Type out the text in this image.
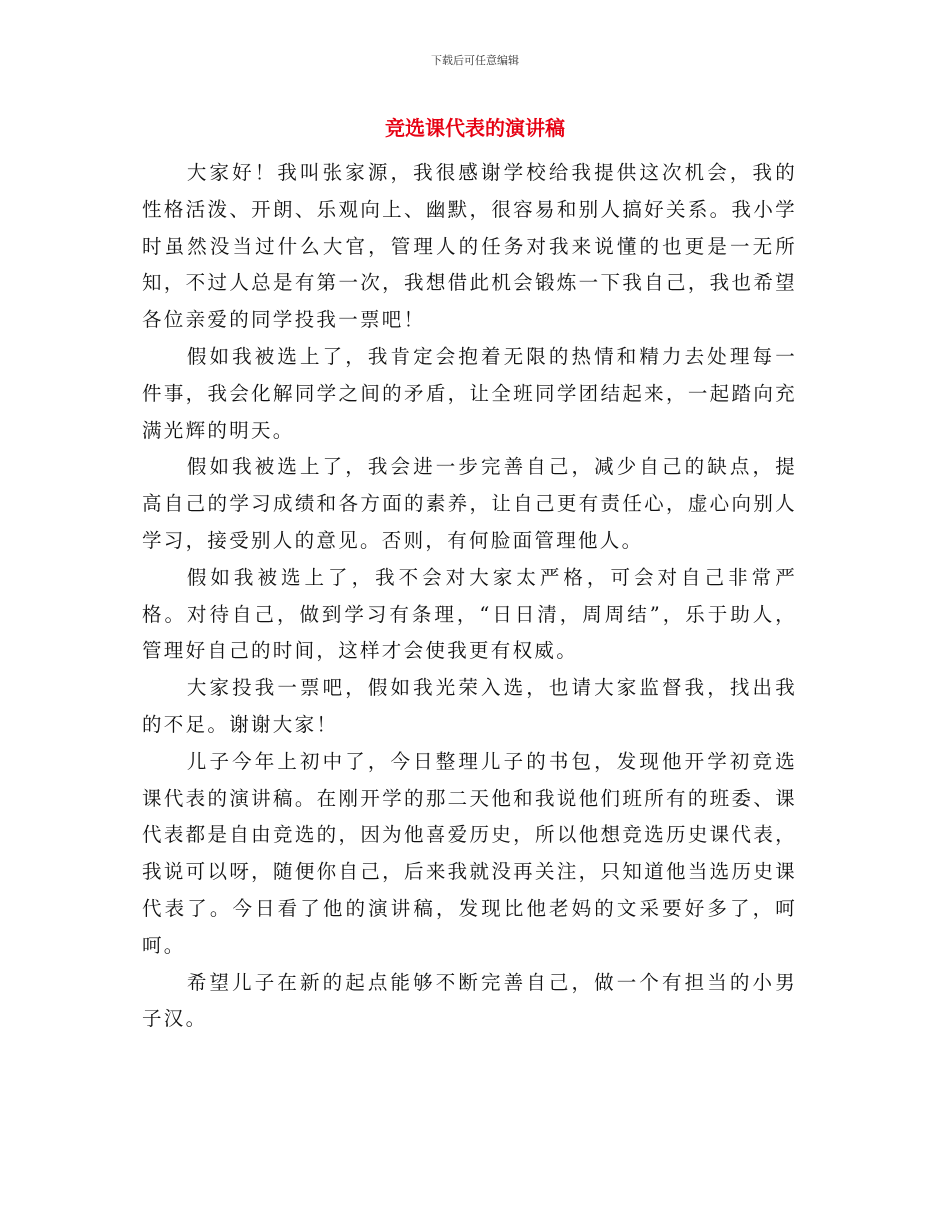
下载后可任意编辑
竞选课代表的演讲稿

大家好！我叫张家源，我很感谢学校给我提供这次机会，我的性格活泼、开朗、乐观向上、幽默，很容易和别人搞好关系。我小学时虽然没当过什么大官，管理人的任务对我来说懂的也更是一无所知，不过人总是有第一次，我想借此机会锻炼一下我自己，我也希望各位亲爱的同学投我一票吧！

假如我被选上了，我肯定会抱着无限的热情和精力去处理每一件事，我会化解同学之间的矛盾，让全班同学团结起来，一起踏向充满光辉的明天。

假如我被选上了，我会进一步完善自己，减少自己的缺点，提高自己的学习成绩和各方面的素养，让自己更有责任心，虚心向别人学习，接受别人的意见。否则，有何脸面管理他人。

假如我被选上了，我不会对大家太严格，可会对自己非常严格。对待自己，做到学习有条理，“日日清，周周结”，乐于助人，管理好自己的时间，这样才会使我更有权威。

大家投我一票吧，假如我光荣入选，也请大家监督我，找出我的不足。谢谢大家！

儿子今年上初中了，今日整理儿子的书包，发现他开学初竞选课代表的演讲稿。在刚开学的那二天他和我说他们班所有的班委、课代表都是自由竞选的，因为他喜爱历史，所以他想竞选历史课代表，我说可以呀，随便你自己，后来我就没再关注，只知道他当选历史课代表了。今日看了他的演讲稿，发现比他老妈的文采要好多了，呵呵。

希望儿子在新的起点能够不断完善自己，做一个有担当的小男子汉。
